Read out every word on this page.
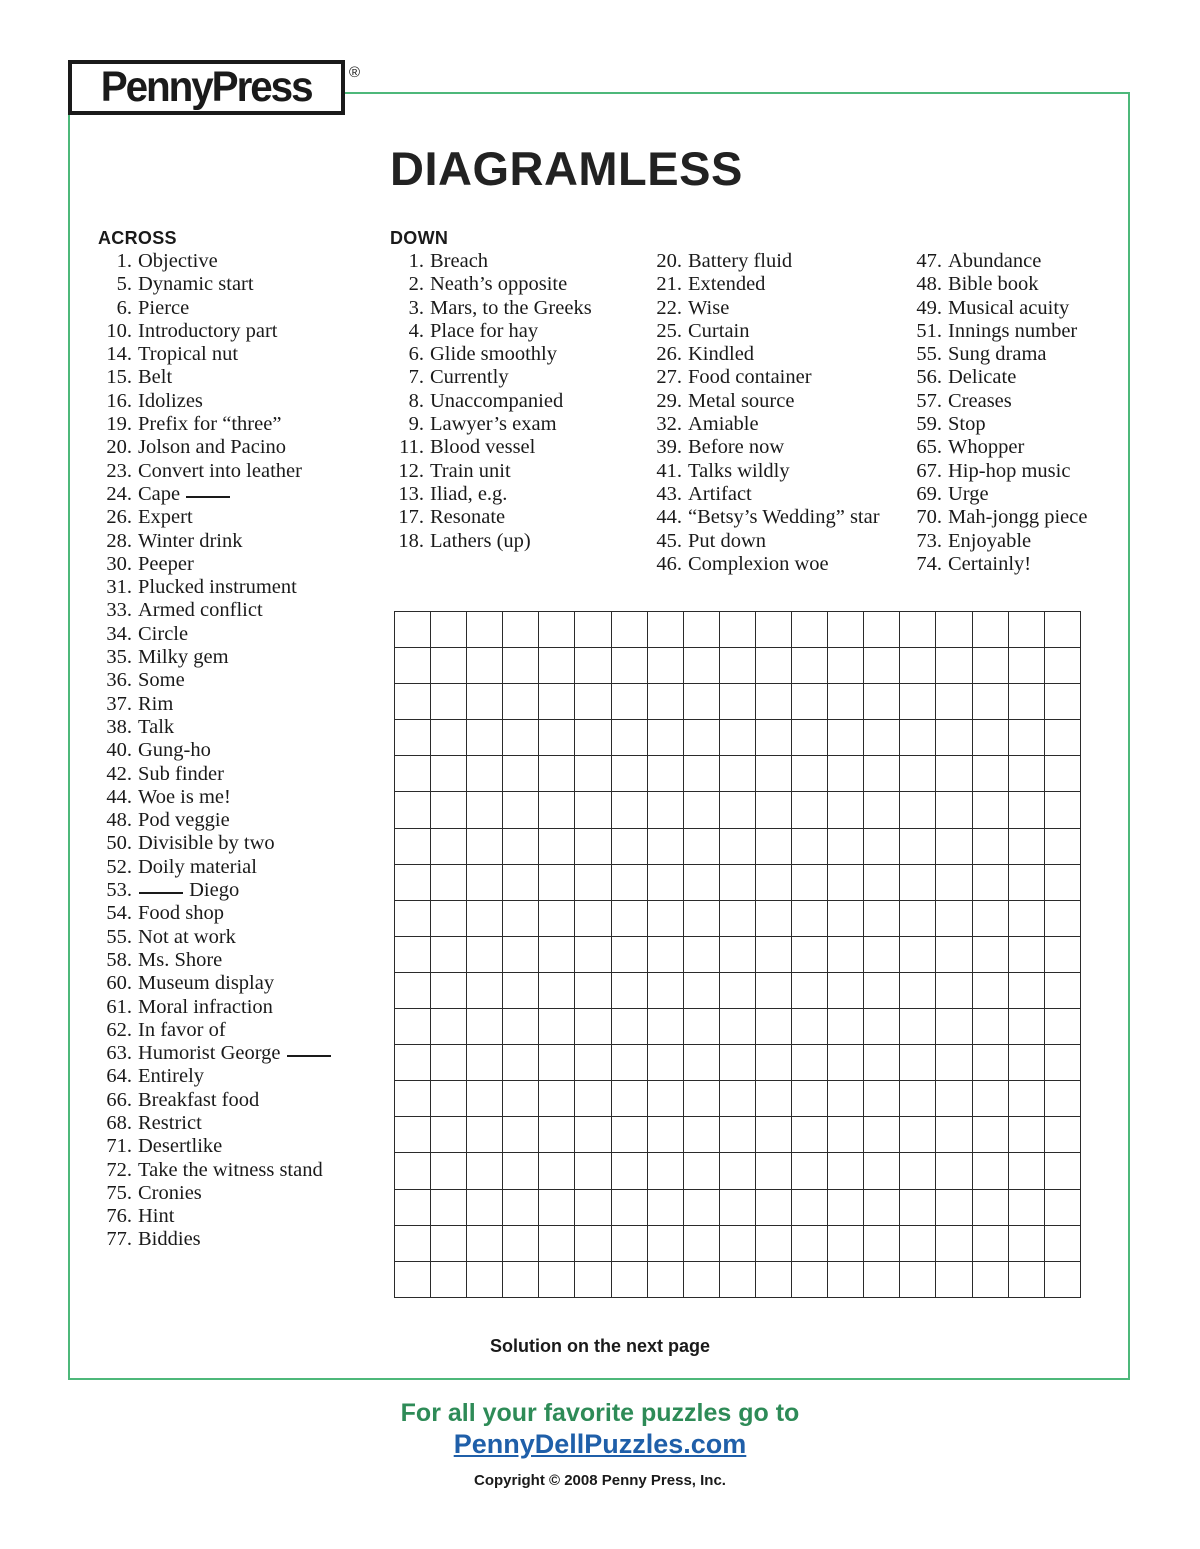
PennyPress ®
DIAGRAMLESS
ACROSS
1. Objective
5. Dynamic start
6. Pierce
10. Introductory part
14. Tropical nut
15. Belt
16. Idolizes
19. Prefix for “three”
20. Jolson and Pacino
23. Convert into leather
24. Cape
26. Expert
28. Winter drink
30. Peeper
31. Plucked instrument
33. Armed conflict
34. Circle
35. Milky gem
36. Some
37. Rim
38. Talk
40. Gung-ho
42. Sub finder
44. Woe is me!
48. Pod veggie
50. Divisible by two
52. Doily material
53.	Diego
54. Food shop
55. Not at work
58. Ms. Shore
60. Museum display
61. Moral infraction
62. In favor of
63. Humorist George
64. Entirely
66. Breakfast food
68. Restrict
71. Desertlike
72. Take the witness stand
75. Cronies
76. Hint
77. Biddies
DOWN
1. Breach
2. Neath’s opposite
3. Mars, to the Greeks
4. Place for hay
6. Glide smoothly
7. Currently
8. Unaccompanied
9. Lawyer’s exam
11. Blood vessel
12. Train unit
13. Iliad, e.g.
17. Resonate
18. Lathers (up)
20. Battery fluid
21. Extended
22. Wise
25. Curtain
26. Kindled
27. Food container
29. Metal source
32. Amiable
39. Before now
41. Talks wildly
43. Artifact
44. “Betsy’s Wedding” star
45. Put down
46. Complexion woe
47. Abundance
48. Bible book
49. Musical acuity
51. Innings number
55. Sung drama
56. Delicate
57. Creases
59. Stop
65. Whopper
67. Hip-hop music
69. Urge
70. Mah-jongg piece
73. Enjoyable
74. Certainly!

Solution on the next page
For all your favorite puzzles go to
PennyDellPuzzles.com
Copyright © 2008 Penny Press, Inc.
